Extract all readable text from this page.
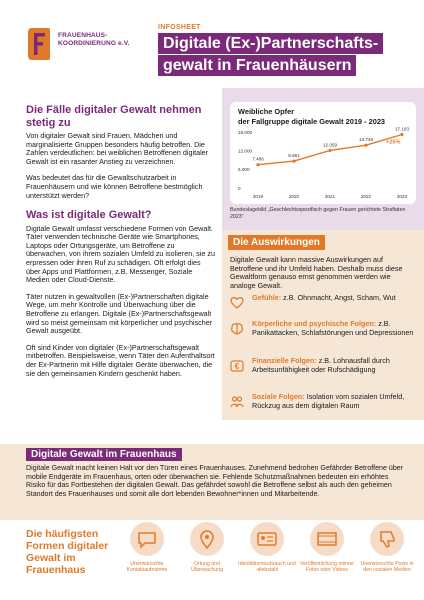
FRAUENHAUS-
KOORDINIERUNG e.V.
INFOSHEET
Digitale (Ex-)Partnerschafts-
gewalt in Frauenhäusern
Die Fälle digitaler Gewalt nehmen stetig zu
Von digitaler Gewalt sind Frauen, Mädchen und marginalisierte Gruppen besonders häufig betroffen. Die Zahlen verdeutlichen: bei weiblichen Betroffenen digitaler Gewalt ist ein rasanter Anstieg zu verzeichnen.
Was bedeutet das für die Gewaltschutzarbeit in Frauenhäusern und wie können Betroffene bestmöglich unterstützt werden?
Was ist digitale Gewalt?
Digitale Gewalt umfasst verschiedene Formen von Gewalt. Täter verwenden technische Geräte wie Smartphones, Laptops oder Ortungsgeräte, um Betroffene zu überwachen, von ihrem sozialen Umfeld zu isolieren, sie zu erpressen oder ihren Ruf zu schädigen. Oft erfolgt dies über Apps und Plattformen, z.B. Messenger, Soziale Medien oder Cloud-Dienste.
Täter nutzen in gewaltvollen (Ex-)Partnerschaften digitale Wege, um mehr Kontrolle und Überwachung über die Betroffene zu erlangen. Digitale (Ex-)Partnerschaftsgewalt wird so meist gemeinsam mit körperlicher und psychischer Gewalt ausgeübt.
Oft sind Kinder von digitaler (Ex-)Partnerschaftsgewalt mitbetroffen. Beispielsweise, wenn Täter den Aufenthaltsort der Ex-Partnerin mit Hilfe digitaler Geräte überwachen, die sie den gemeinsamen Kindern geschenkt haben.
Weibliche Opfer
der Fallgruppe digitale Gewalt 2019 - 2023
0
6.000
12.000
18.000
2019	2020	2021	2022	2023
7.486
8.651
12.059
13.748
17.193
+25%
Bundeslagebild „Geschlechtsspezifisch gegen Frauen gerichtete Straftaten 2023“
Die Auswirkungen
Digitale Gewalt kann massive Auswirkungen auf Betroffene und ihr Umfeld haben. Deshalb muss diese Gewaltform genauso ernst genommen werden wie analoge Gewalt.
Gefühle: z.B. Ohnmacht, Angst, Scham, Wut
Körperliche und psychische Folgen: z.B. Panikattacken, Schlafstörungen und Depressionen
€
Finanzielle Folgen: z.B. Lohnausfall durch Arbeitsunfähigkeit oder Rufschädigung
Soziale Folgen: Isolation vom sozialen Umfeld, Rückzug aus dem digitalen Raum
Digitale Gewalt im Frauenhaus
Digitale Gewalt macht keinen Halt vor den Türen eines Frauenhauses. Zunehmend bedrohen Gefährder Betroffene über mobile Endgeräte im Frauenhaus, orten oder überwachen sie. Fehlende Schutzmaßnahmen bedeuten ein erhöhtes Risiko für das Fortbestehen der digitalen Gewalt. Das gefährdet sowohl die Betroffene selbst als auch den geheimen Standort des Frauenhauses und somit alle dort lebenden Bewohner*innen und Mitarbeitende.
Die häufigsten Formen digitaler Gewalt im Frauenhaus	Unerwünschte Kontaktaufnahme
Ortung und Überwachung
Identitätsmissbrauch und -diebstahl
Veröffentlichung intimer Fotos oder Videos
Unerwünschte Posts in den sozialen Medien
